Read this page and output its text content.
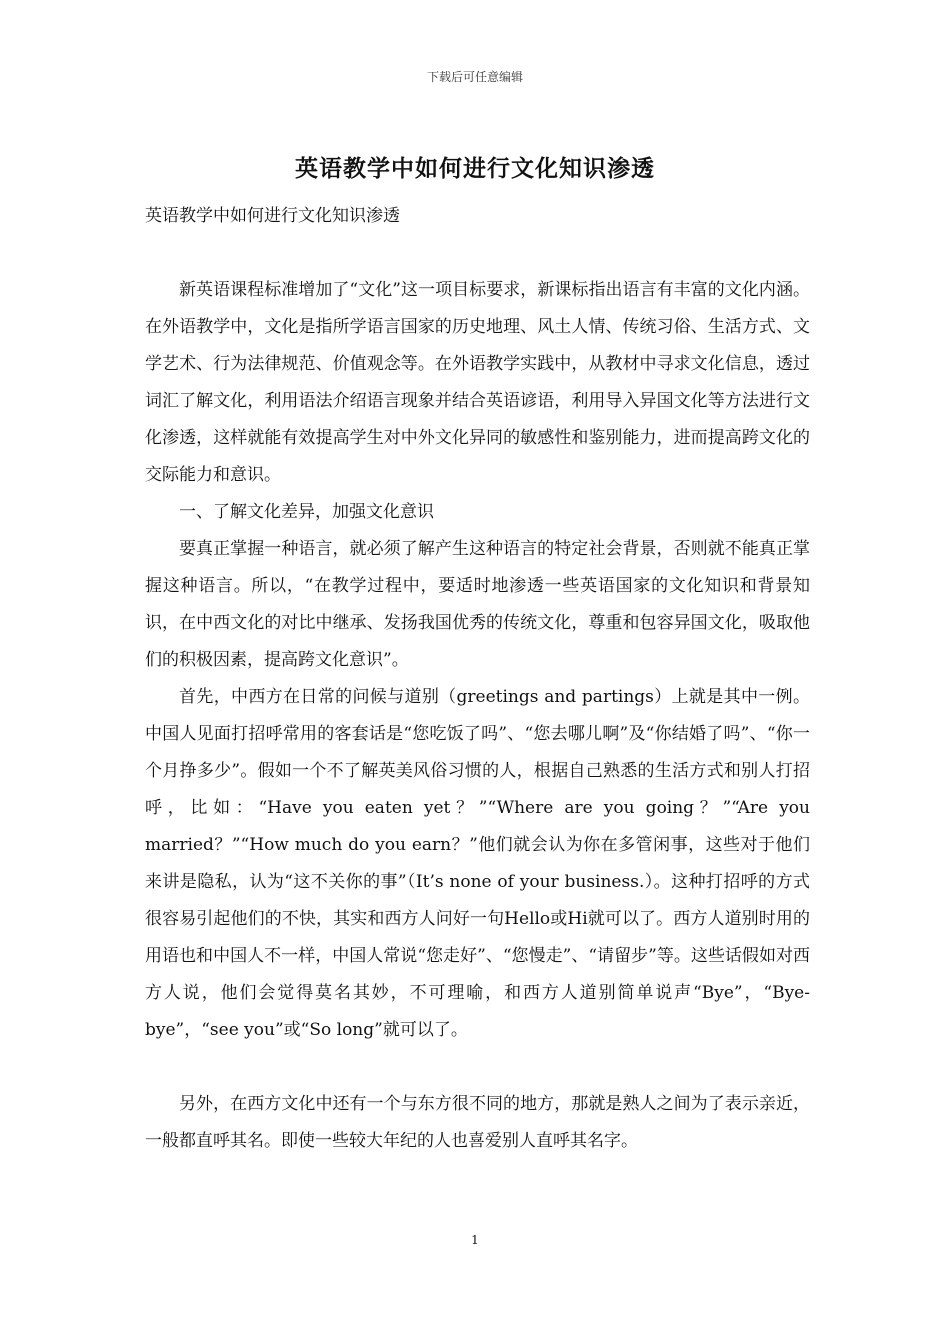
下载后可任意编辑
英语教学中如何进行文化知识渗透

英语教学中如何进行文化知识渗透

新英语课程标准增加了“文化”这一项目标要求，新课标指出语言有丰富的文化内涵。在外语教学中，文化是指所学语言国家的历史地理、风土人情、传统习俗、生活方式、文学艺术、行为法律规范、价值观念等。在外语教学实践中，从教材中寻求文化信息，透过词汇了解文化，利用语法介绍语言现象并结合英语谚语，利用导入异国文化等方法进行文化渗透，这样就能有效提高学生对中外文化异同的敏感性和鉴别能力，进而提高跨文化的交际能力和意识。

一、了解文化差异，加强文化意识

要真正掌握一种语言，就必须了解产生这种语言的特定社会背景，否则就不能真正掌握这种语言。所以，“在教学过程中，要适时地渗透一些英语国家的文化知识和背景知识，在中西文化的对比中继承、发扬我国优秀的传统文化，尊重和包容异国文化，吸取他们的积极因素，提高跨文化意识”。

首先，中西方在日常的问候与道别（greetings and partings）上就是其中一例。中国人见面打招呼常用的客套话是“您吃饭了吗”、“您去哪儿啊”及“你结婚了吗”、“你一个月挣多少”。假如一个不了解英美风俗习惯的人，根据自己熟悉的生活方式和别人打招呼，比如：“Have you eaten yet？”“Where are you going？”“Are you married？”“How much do you earn？”他们就会认为你在多管闲事，这些对于他们来讲是隐私，认为“这不关你的事”（It’s none of your business.）。这种打招呼的方式很容易引起他们的不快，其实和西方人问好一句Hello或Hi就可以了。西方人道别时用的用语也和中国人不一样，中国人常说“您走好”、“您慢走”、“请留步”等。这些话假如对西方人说，他们会觉得莫名其妙，不可理喻，和西方人道别简单说声“Bye”，“Bye-bye”，“see you”或“So long”就可以了。

另外，在西方文化中还有一个与东方很不同的地方，那就是熟人之间为了表示亲近，一般都直呼其名。即使一些较大年纪的人也喜爱别人直呼其名字。

1
